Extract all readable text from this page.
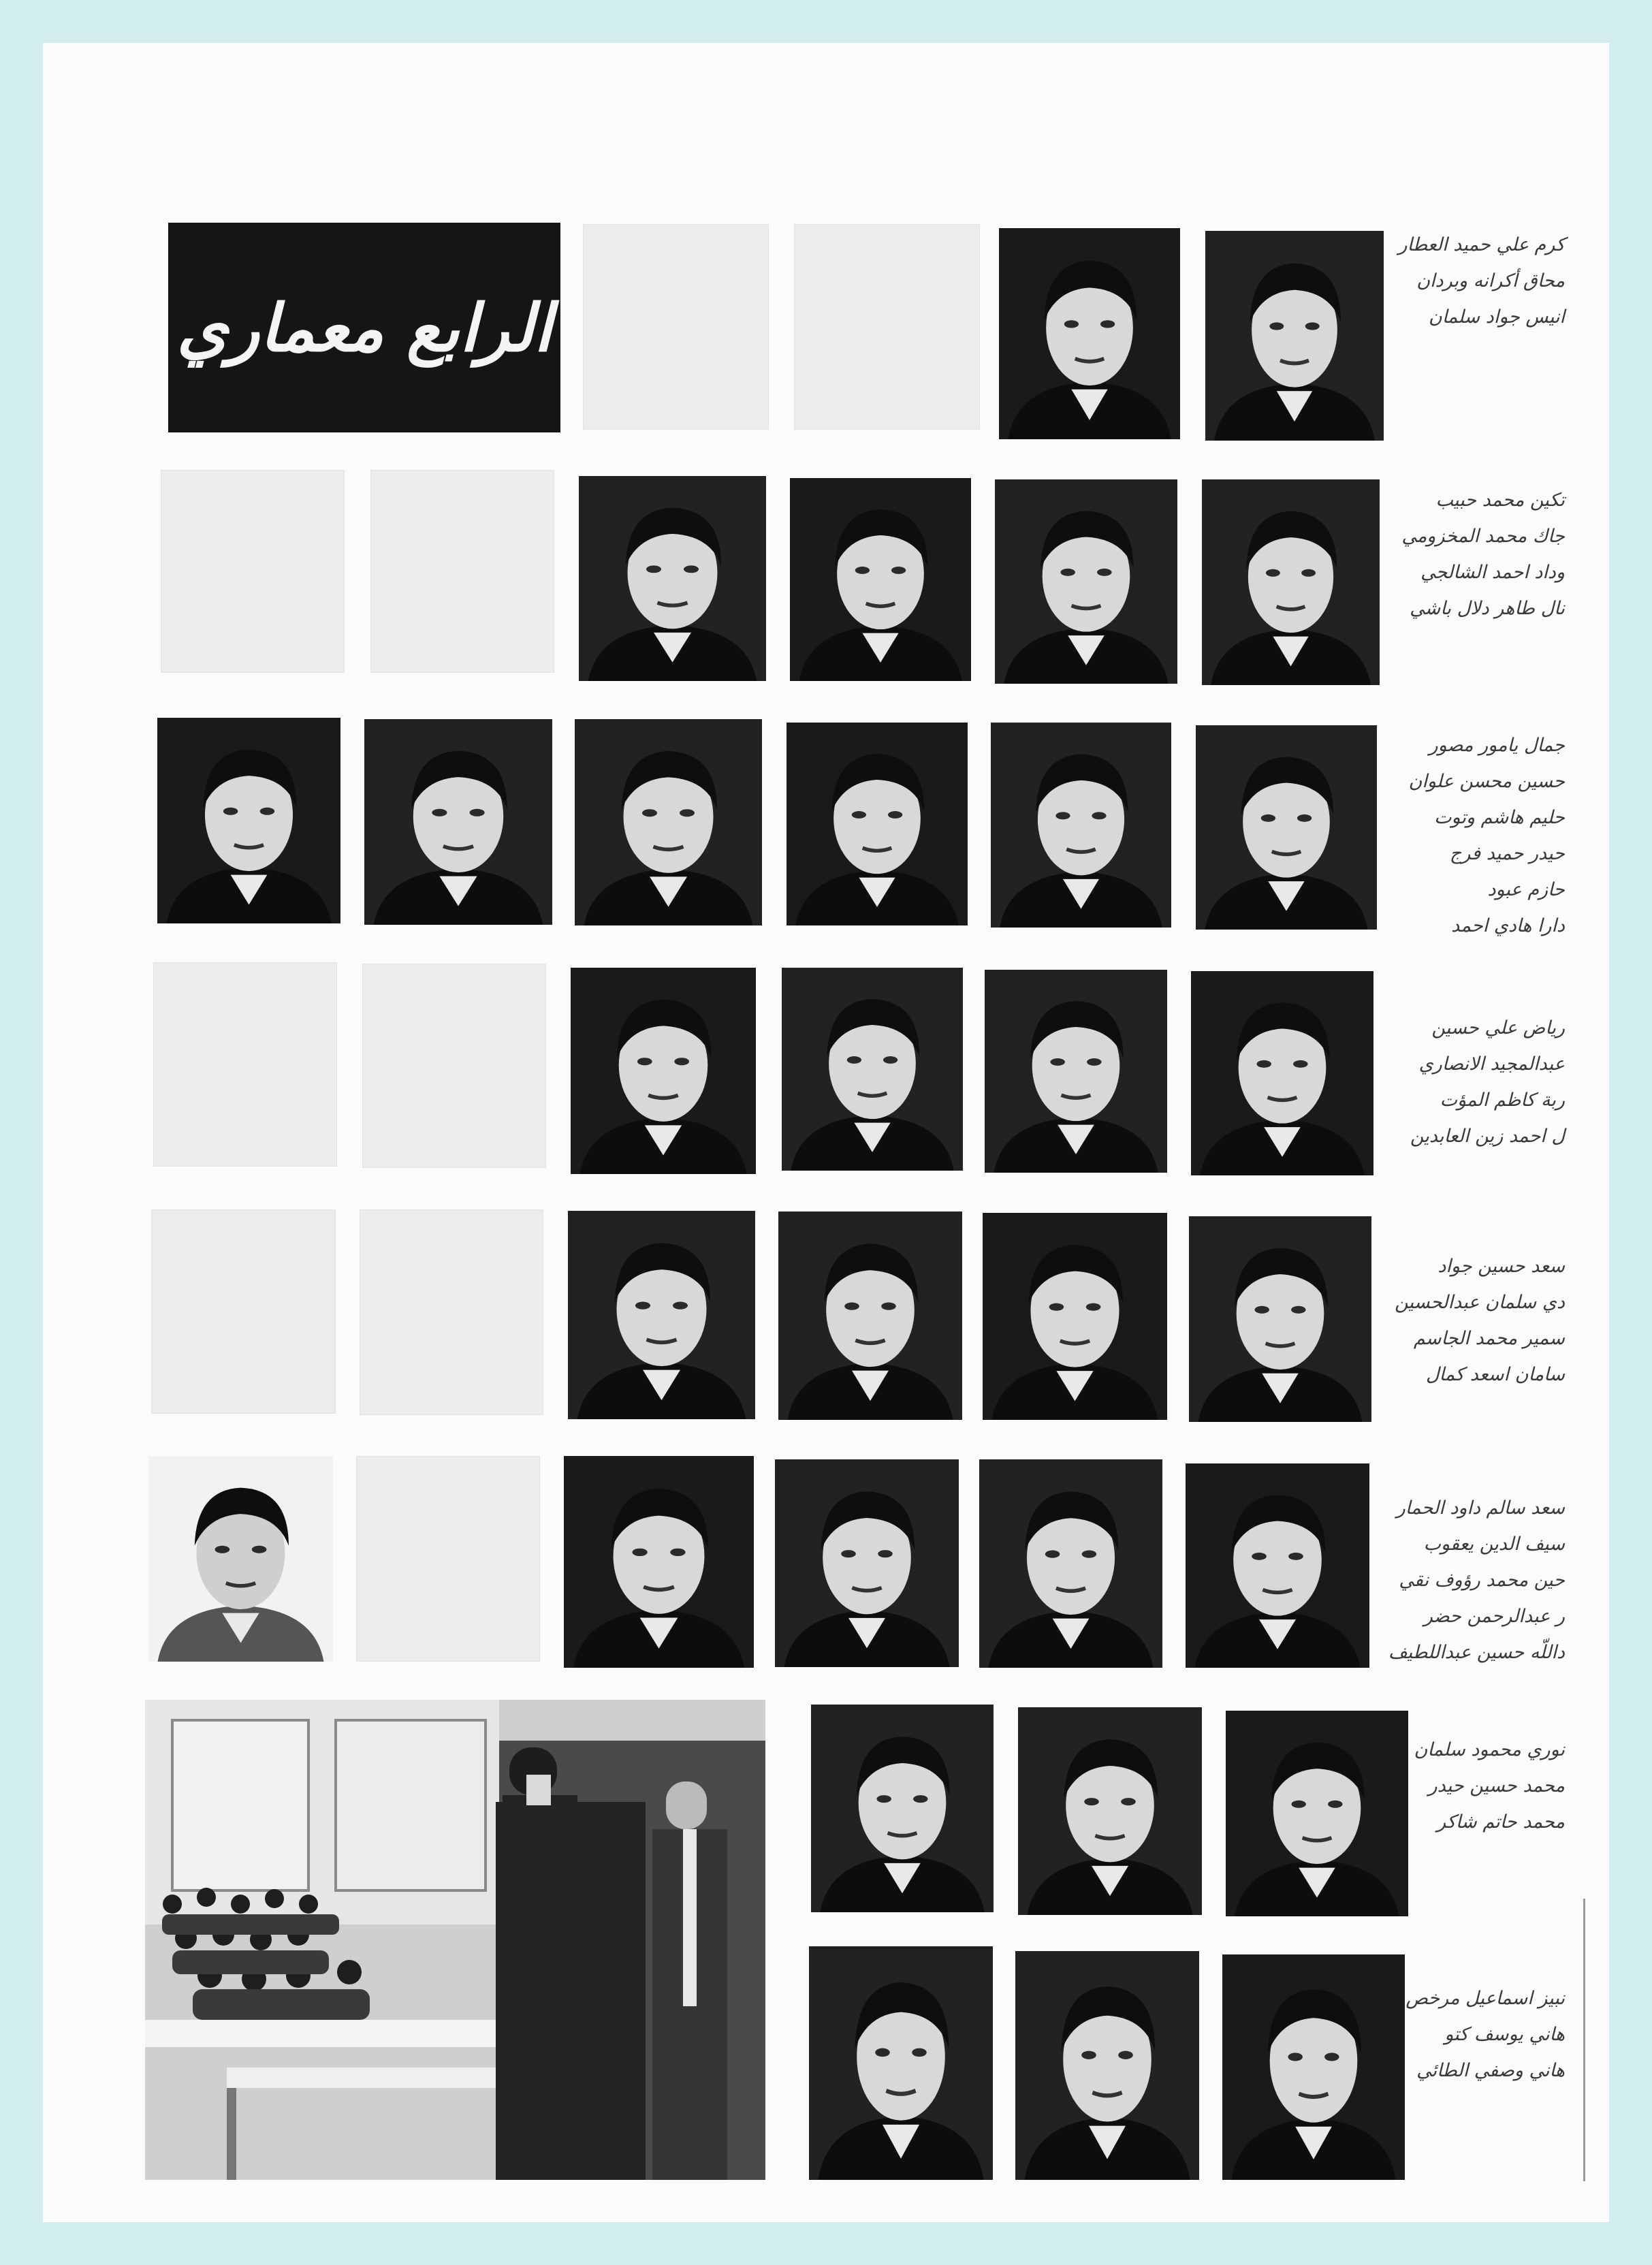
الرابع معماري
كرم علي حميد العطار
محاق أكرانه وبردان
انيس جواد سلمان
تكين محمد حبيب
جاك محمد المخزومي
وداد احمد الشالجي
نال طاهر دلال باشي
جمال يامور مصور
حسين محسن علوان
حليم هاشم وتوت
حيدر حميد فرج
حازم عبود
دارا هادي احمد
رياض علي حسين
عبدالمجيد الانصاري
ربة كاظم المؤت
ل احمد زين العابدين
سعد حسين جواد
دي سلمان عبدالحسين
سمير محمد الجاسم
سامان اسعد كمال
سعد سالم داود الحمار
سيف الدين يعقوب
حين محمد رؤوف نقي
ر عبدالرحمن حضر
داللّه حسين عبداللطيف
نوري محمود سلمان
محمد حسين حيدر
محمد حاتم شاكر
نبيز اسماعيل مرخص
هاني يوسف كتو
هاني وصفي الطائي
